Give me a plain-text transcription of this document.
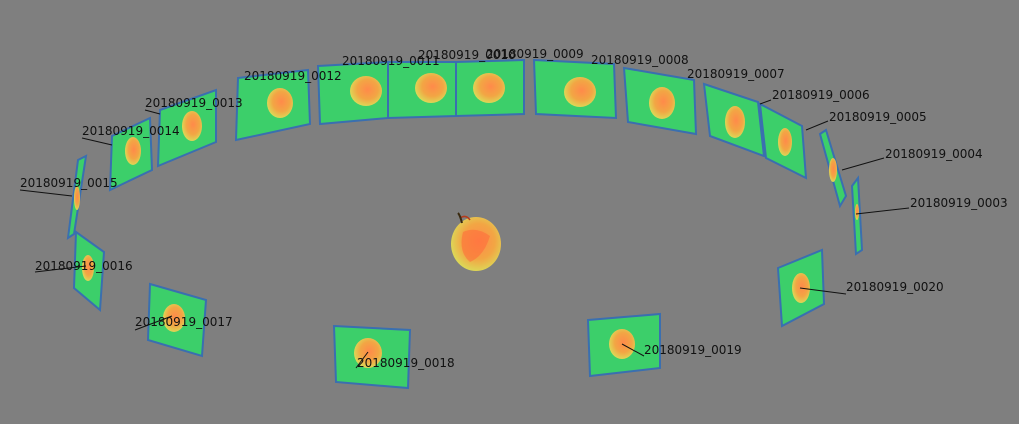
20180919_0003
20180919_0004
20180919_0005
20180919_0006
20180919_0007
20180919_0008
20180919_0009
20180919_0010
20180919_0011
20180919_0012
20180919_0013
20180919_0014
20180919_0015
20180919_0016
20180919_0017
20180919_0018
20180919_0019
20180919_0020
